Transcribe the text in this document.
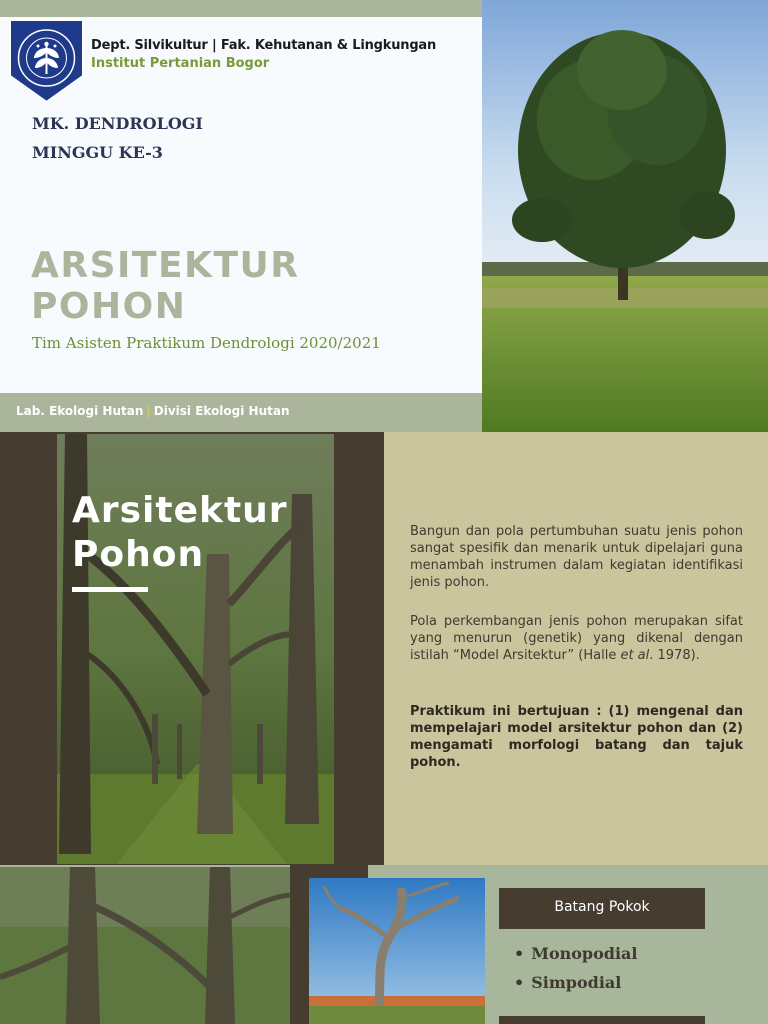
Dept. Silvikultur | Fak. Kehutanan & Lingkungan
Institut Pertanian Bogor
MK. DENDROLOGI
MINGGU KE-3
ARSITEKTUR
POHON
Tim Asisten Praktikum Dendrologi 2020/2021
Lab. Ekologi Hutan | Divisi Ekologi Hutan
Arsitektur
Pohon

Bangun dan pola pertumbuhan suatu jenis pohon sangat spesifik dan menarik untuk dipelajari guna menambah instrumen dalam kegiatan identifikasi jenis pohon.

Pola perkembangan jenis pohon merupakan sifat yang menurun (genetik) yang dikenal dengan istilah “Model Arsitektur” (Halle et al. 1978).

Praktikum ini bertujuan : (1) mengenal dan mempelajari model arsitektur pohon dan (2) mengamati morfologi batang dan tajuk pohon.

Batang Pokok
• Monopodial
• Simpodial
